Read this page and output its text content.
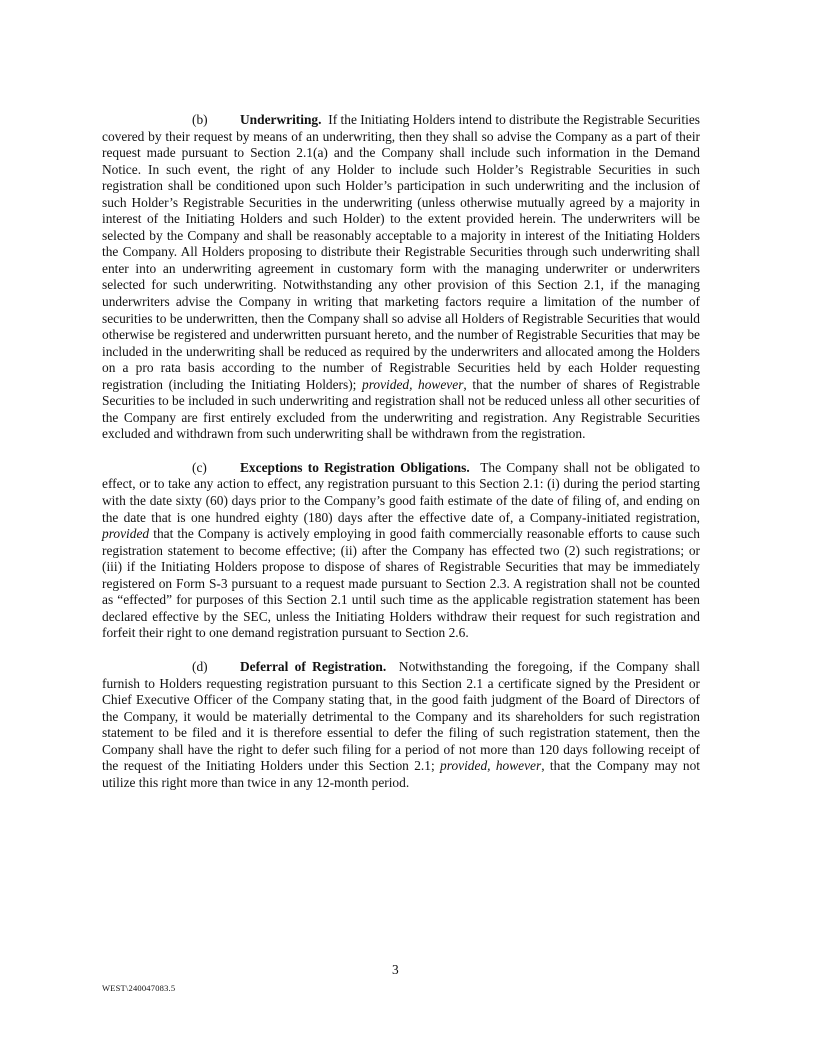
(b) Underwriting. If the Initiating Holders intend to distribute the Registrable Securities covered by their request by means of an underwriting, then they shall so advise the Company as a part of their request made pursuant to Section 2.1(a) and the Company shall include such information in the Demand Notice. In such event, the right of any Holder to include such Holder’s Registrable Securities in such registration shall be conditioned upon such Holder’s participation in such underwriting and the inclusion of such Holder’s Registrable Securities in the underwriting (unless otherwise mutually agreed by a majority in interest of the Initiating Holders and such Holder) to the extent provided herein. The underwriters will be selected by the Company and shall be reasonably acceptable to a majority in interest of the Initiating Holders the Company. All Holders proposing to distribute their Registrable Securities through such underwriting shall enter into an underwriting agreement in customary form with the managing underwriter or underwriters selected for such underwriting. Notwithstanding any other provision of this Section 2.1, if the managing underwriters advise the Company in writing that marketing factors require a limitation of the number of securities to be underwritten, then the Company shall so advise all Holders of Registrable Securities that would otherwise be registered and underwritten pursuant hereto, and the number of Registrable Securities that may be included in the underwriting shall be reduced as required by the underwriters and allocated among the Holders on a pro rata basis according to the number of Registrable Securities held by each Holder requesting registration (including the Initiating Holders); provided, however, that the number of shares of Registrable Securities to be included in such underwriting and registration shall not be reduced unless all other securities of the Company are first entirely excluded from the underwriting and registration. Any Registrable Securities excluded and withdrawn from such underwriting shall be withdrawn from the registration.

(c) Exceptions to Registration Obligations. The Company shall not be obligated to effect, or to take any action to effect, any registration pursuant to this Section 2.1: (i) during the period starting with the date sixty (60) days prior to the Company’s good faith estimate of the date of filing of, and ending on the date that is one hundred eighty (180) days after the effective date of, a Company-initiated registration, provided that the Company is actively employing in good faith commercially reasonable efforts to cause such registration statement to become effective; (ii) after the Company has effected two (2) such registrations; or (iii) if the Initiating Holders propose to dispose of shares of Registrable Securities that may be immediately registered on Form S-3 pursuant to a request made pursuant to Section 2.3. A registration shall not be counted as “effected” for purposes of this Section 2.1 until such time as the applicable registration statement has been declared effective by the SEC, unless the Initiating Holders withdraw their request for such registration and forfeit their right to one demand registration pursuant to Section 2.6.

(d) Deferral of Registration. Notwithstanding the foregoing, if the Company shall furnish to Holders requesting registration pursuant to this Section 2.1 a certificate signed by the President or Chief Executive Officer of the Company stating that, in the good faith judgment of the Board of Directors of the Company, it would be materially detrimental to the Company and its shareholders for such registration statement to be filed and it is therefore essential to defer the filing of such registration statement, then the Company shall have the right to defer such filing for a period of not more than 120 days following receipt of the request of the Initiating Holders under this Section 2.1; provided, however, that the Company may not utilize this right more than twice in any 12-month period.

3
WEST\240047083.5
